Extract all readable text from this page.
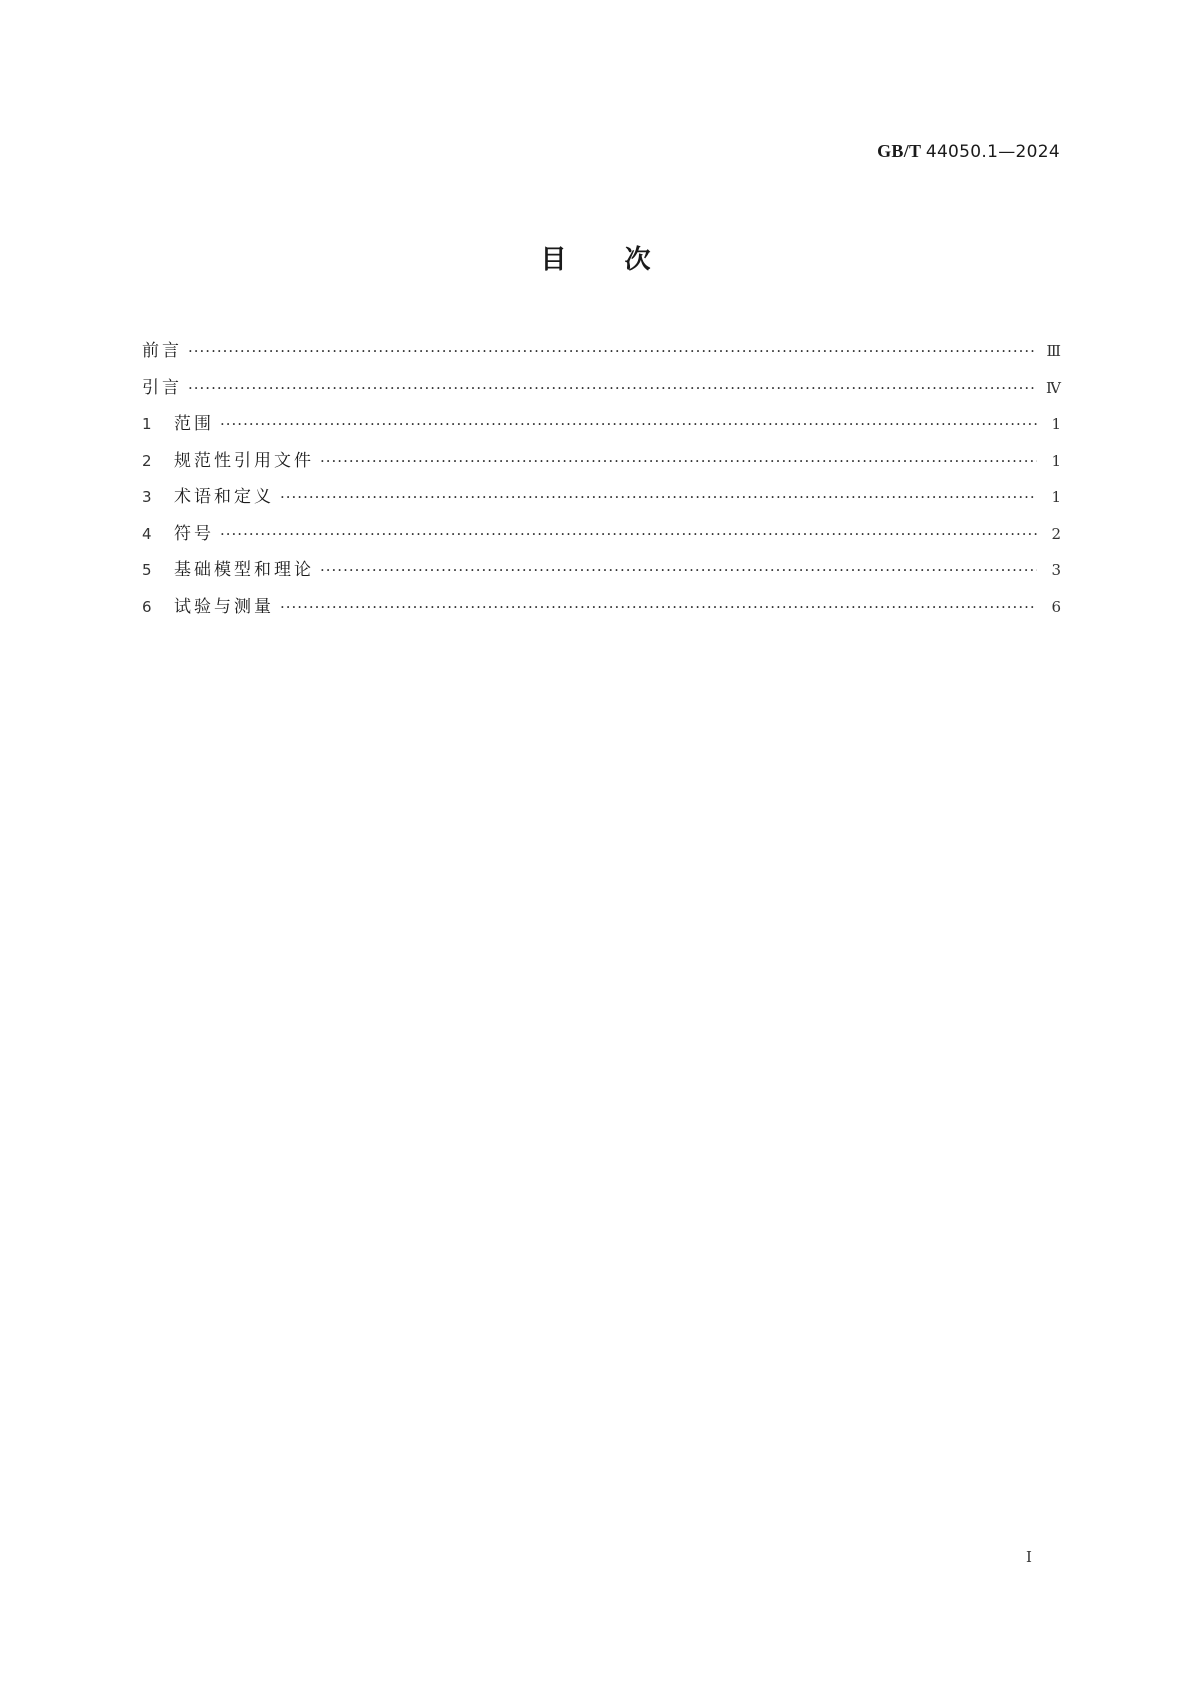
GB/T 44050.1—2024
目次
前言 ·····	Ⅲ
引言 ·····	Ⅳ
1	范围 ·····	1
2	规范性引用文件 ·····	1
3	术语和定义 ·····	1
4	符号 ·····	2
5	基础模型和理论 ·····	3
6	试验与测量 ·····	6
Ⅰ
